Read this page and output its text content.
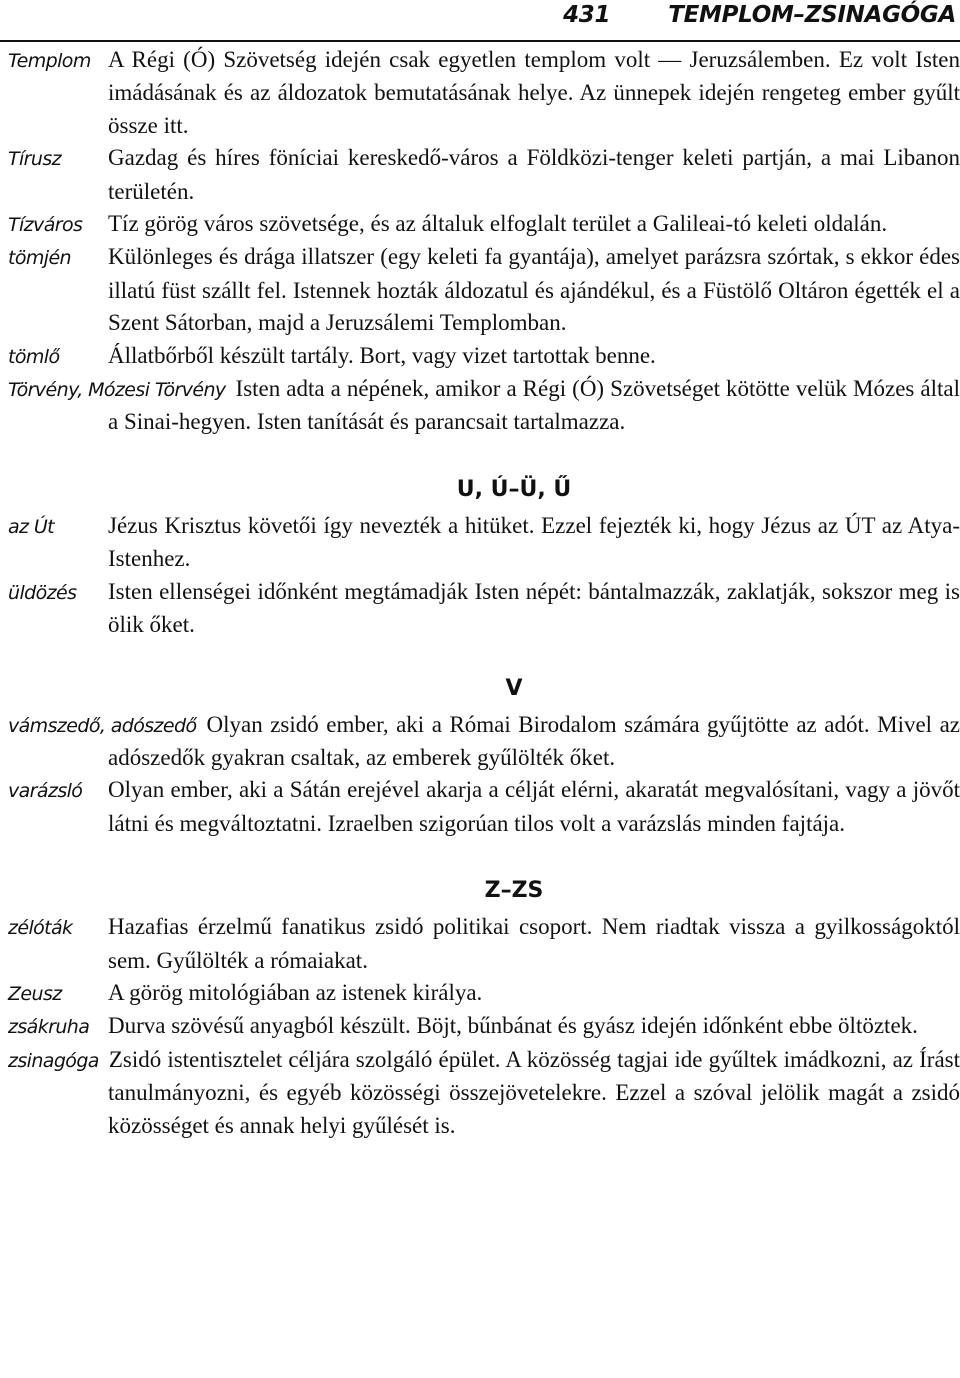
431	TEMPLOM–ZSINAGÓGA
Templom A Régi (Ó) Szövetség idején csak egyetlen templom volt — Jeruzsálemben. Ez volt Isten imádásának és az áldozatok bemutatásának helye. Az ünnepek idején rengeteg ember gyűlt össze itt.
Tírusz Gazdag és híres föníciai kereskedő-város a Földközi-tenger keleti partján, a mai Libanon területén.
Tízváros Tíz görög város szövetsége, és az általuk elfoglalt terület a Galileai-tó keleti oldalán.
tömjén Különleges és drága illatszer (egy keleti fa gyantája), amelyet parázsra szórtak, s ekkor édes illatú füst szállt fel. Istennek hozták áldozatul és ajándékul, és a Füstölő Oltáron égették el a Szent Sátorban, majd a Jeruzsálemi Templomban.
tömlő Állatbőrből készült tartály. Bort, vagy vizet tartottak benne.
Törvény, Mózesi Törvény Isten adta a népének, amikor a Régi (Ó) Szövetséget kötötte velük Mózes által a Sinai-hegyen. Isten tanítását és parancsait tartalmazza.
U, Ú–Ü, Ű
az Út Jézus Krisztus követői így nevezték a hitüket. Ezzel fejezték ki, hogy Jézus az ÚT az Atya-Istenhez.
üldözés Isten ellenségei időnként megtámadják Isten népét: bántalmazzák, zaklatják, sokszor meg is ölik őket.
V
vámszedő, adószedő Olyan zsidó ember, aki a Római Birodalom számára gyűjtötte az adót. Mivel az adószedők gyakran csaltak, az emberek gyűlölték őket.
varázsló Olyan ember, aki a Sátán erejével akarja a célját elérni, akaratát megvalósítani, vagy a jövőt látni és megváltoztatni. Izraelben szigorúan tilos volt a varázslás minden fajtája.
Z–ZS
zélóták Hazafias érzelmű fanatikus zsidó politikai csoport. Nem riadtak vissza a gyilkosságoktól sem. Gyűlölték a rómaiakat.
Zeusz A görög mitológiában az istenek királya.
zsákruha Durva szövésű anyagból készült. Böjt, bűnbánat és gyász idején időnként ebbe öltöztek.
zsinagóga Zsidó istentisztelet céljára szolgáló épület. A közösség tagjai ide gyűltek imádkozni, az Írást tanulmányozni, és egyéb közösségi összejövetelekre. Ezzel a szóval jelölik magát a zsidó közösséget és annak helyi gyűlését is.
